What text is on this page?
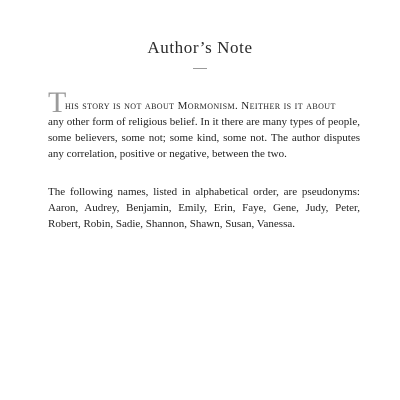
Author’s Note
T
his story is not about Mormonism. Neither is it about
any other form of religious belief. In it there are many types of people, some believers, some not; some kind, some not. The author disputes any correlation, positive or negative, between the two.
The following names, listed in alphabetical order, are pseudonyms: Aaron, Audrey, Benjamin, Emily, Erin, Faye, Gene, Judy, Peter, Robert, Robin, Sadie, Shannon, Shawn, Susan, Vanessa.
